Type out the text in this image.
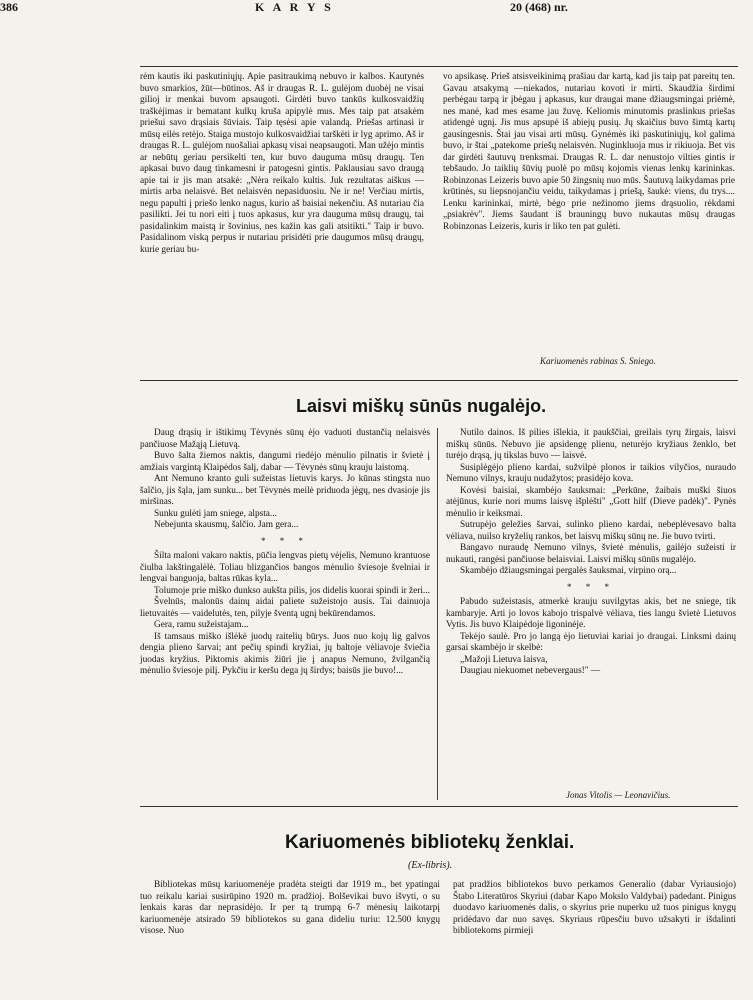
386	K A R Y S	20 (468) nr.

rėm kautis iki paskutiniųjų. Apie pasitraukimą nebuvo ir kalbos. Kautynės buvo smarkios, žūt—būtinos. Aš ir draugas R. L. gulėjom duobėj ne visai gilioj ir menkai buvom apsaugoti. Girdėti buvo tankūs kulkosvaidžių traškėjimas ir bematant kulkų kruša apipylė mus. Mes taip pat atsakėm priešui savo drąsiais šūviais. Taip tęsėsi apie valandą. Priešas artinasi ir mūsų eilės retėjo. Staiga mustojo kulkosvaidžiai tarškėti ir lyg aprimo. Aš ir draugas R. L. gulėjom nuošaliai apkasų visai neapsaugoti. Man užėjo mintis ar nebūtų geriau persikelti ten, kur buvo dauguma mūsų draugų. Ten apkasai buvo daug tinkamesni ir patogesni gintis. Paklausiau savo draugą apie tai ir jis man atsakė: „Nėra reikalo kultis. Juk rezultatas aiškus — mirtis arba nelaisvė. Bet nelaisvėn nepasiduosiu. Ne ir ne! Verčiau mirtis, negu papulti į priešo lenko nagus, kurio aš baisiai nekenčiu. Aš nutariau čia pasilikti. Jei tu nori eiti į tuos apkasus, kur yra dauguma mūsų draugų, tai pasidalinkim maistą ir šovinius, nes kažin kas gali atsitikti." Taip ir buvo. Pasidalinom viską perpus ir nutariau prisidėti prie daugumos mūsų draugų, kurie geriau bu-

vo apsikasę. Prieš atsisveikinimą prašiau dar kartą, kad jis taip pat pareitų ten. Gavau atsakymą —niekados, nutariau kovoti ir mirti. Skaudžia širdimi perbėgau tarpą ir įbėgau į apkasus, kur draugai mane džiaugsmingai priėmė, nes manė, kad mes esame jau žuvę. Keliomis minutomis praslinkus priešas atidengė ugnį. Jis mus apsupė iš abiejų pusių. Jų skaičius buvo šimtą kartų gausingesnis. Štai jau visai arti mūsų. Gynėmės iki paskutiniųjų, kol galima buvo, ir štai „patekome priešų nelaisvėn. Nuginkluoja mus ir rikiuoja. Bet vis dar girdėti šautuvų trenksmai. Draugas R. L. dar nenustojo vilties gintis ir tebšaudo. Jo taiklių šūvių puolė po mūsų kojomis vienas lenkų karininkas. Robinzonas Leizeris buvo apie 50 žingsnių nuo mūs. Šautuvą laikydamas prie krūtinės, su liepsnojančiu veidu, taikydamas į priešą, šaukė: viens, du trys.... Lenku karininkai, mirtė, bėgo prie nežinomo jiems drąsuolio, rėkdami „psiakrėv". Jiems šaudant iš brauningų buvo nukautas mūsų draugas Robinzonas Leizeris, kuris ir liko ten pat gulėti.

Kariuomenės rabinas S. Sniego.
Laisvi miškų sūnūs nugalėjo.

Daug drąsių ir ištikimų Tėvynės sūnų ėjo vaduoti dustančią nelaisvės pančiuose Mažąją Lietuvą.

Buvo šalta žiemos naktis, dangumi riedėjo mėnulio pilnatis ir švietė į amžiais vargintą Klaipėdos šalį, dabar — Tėvynės sūnų krauju laistomą.

Ant Nemuno kranto guli sužeistas lietuvis karys. Jo kūnas stingsta nuo šalčio, jis šąla, jam sunku... bet Tėvynės meilė priduoda jėgų, nes dvasioje jis miršinas.

Sunku gulėti jam sniege, alpsta...

Nebejunta skausmų, šalčio. Jam gera...

* * *

Šilta maloni vakaro naktis, pūčia lengvas pietų vėjelis, Nemuno krantuose čiulba lakštingalėlė. Toliau blizgančios bangos mėnulio šviesoje švelniai ir lengvai banguoja, baltas rūkas kyla...

Tolumoje prie miško dunkso aukšta pilis, jos didelis kuorai spindi ir žeri...

Švelnūs, malonūs dainų aidai paliete sužeistojo ausis. Tai dainuoja lietuvaitės — vaidelutės, ten, pilyje šventą ugnį bekūrendamos.

Gera, ramu sužeistajam...

Iš tamsaus miško išlėkė juodų raitelių būrys. Juos nuo kojų lig galvos dengia plieno šarvai; ant pečių spindi kryžiai, jų baltoje vėliavoje šviečia juodas kryžius. Piktomis akimis žiūri jie į anapus Nemuno, žvilgančią mėnulio šviesoje pilį. Pykčiu ir keršu dega jų širdys; baisūs jie buvo!...

Nutilo dainos. Iš pilies išlekia, it paukščiai, greilais tyrų žirgais, laisvi miškų sūnūs. Nebuvo jie apsidengę plienu, neturėjo kryžiaus ženklo, bet turėjo drąsą, jų tikslas buvo — laisvė.

Susiplėgėjo plieno kardai, sužvilpė plonos ir taikios vilyčios, nuraudo Nemuno vilnys, krauju nudažytos; prasidėjo kova.

Kovėsi baisiai, skambėjo šauksmai: „Perkūne, žaibais muški šiuos atėjūnus, kurie nori mums laisvę išplėšti" „Gott hilf (Dieve padėk)". Pynės mėnulio ir keiksmai.

Sutrupėjo geležies šarvai, sulinko plieno kardai, nebeplėvesavo balta vėliava, nuilso kryželių rankos, bet laisvų miškų sūnų ne. Jie buvo tvirti.

Bangavo nuraudę Nemuno vilnys, švietė mėnulis, gailėjo sužeisti ir nukauti, rangėsi pančiuose belaisviai. Laisvi miškų sūnūs nugalėjo.

Skambėjo džiaugsmingai pergalės šauksmai, virpino orą...

* * *

Pabudo sužeistasis, atmerkė krauju suvilgytas akis, bet ne sniege, tik kambaryje. Arti jo lovos kabojo trispalvė vėliava, ties langu švietė Lietuvos Vytis. Jis buvo Klaipėdoje ligoninėje.

Tekėjo saulė. Pro jo langą ėjo lietuviai kariai jo draugai. Linksmi dainų garsai skambėjo ir skelbė:

„Mažoji Lietuva laisva,

Daugiau niekuomet nebevergaus!" —

Jonas Vitolis — Leonavičius.
Kariuomenės bibliotekų ženklai.
(Ex-libris).

Bibliotekas mūsų kariuomenėje pradėta steigti dar 1919 m., bet ypatingai tuo reikalu kariai susirūpino 1920 m. pradžioj. Bolševikai buvo išvyti, o su lenkais karas dar neprasidėjo. Ir per tą trumpą 6-7 mėnesių laikotarpį kariuomenėje atsirado 59 bibliotekos su gana dideliu turiu: 12.500 knygų visose. Nuo

pat pradžios bibliotekos buvo perkamos Generalio (dabar Vyriausiojo) Štabo Literatūros Skyriui (dabar Kapo Mokslo Valdybai) padedant. Pinigus duodavo kariuomenės dalis, o skyrius prie nuperku už tuos pinigus knygų pridėdavo dar nuo savęs. Skyriaus rūpesčiu buvo užsakyti ir išdalinti bibliotekoms pirmieji
